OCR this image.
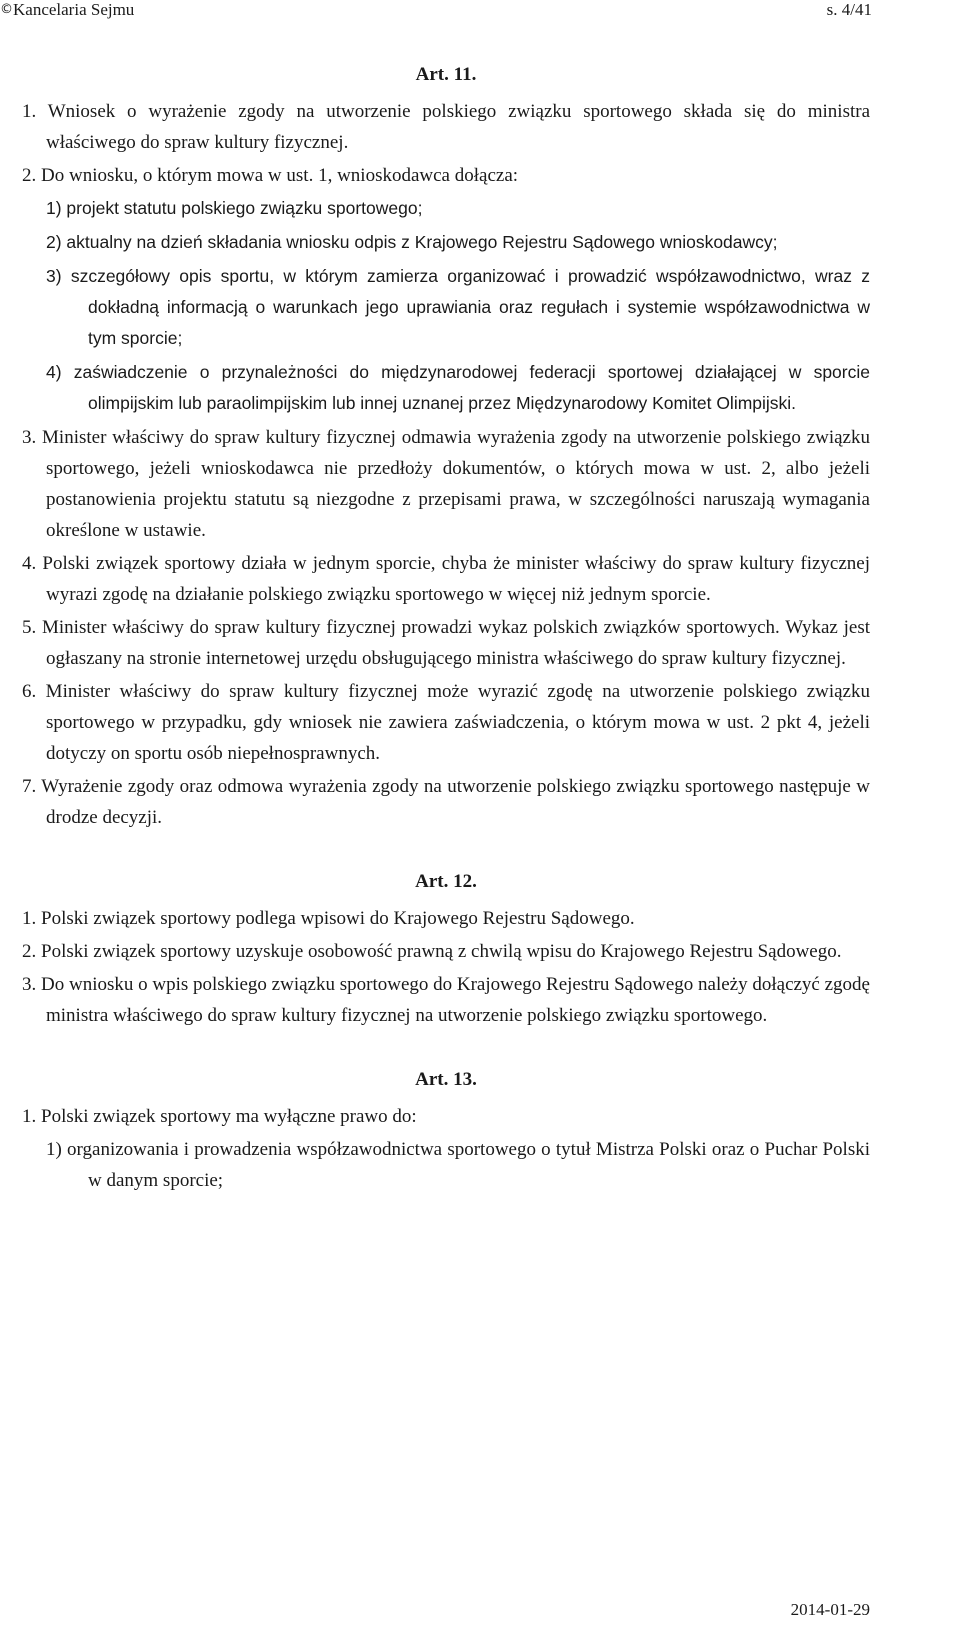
©Kancelaria Sejmu	s. 4/41
Art. 11.

1. Wniosek o wyrażenie zgody na utworzenie polskiego związku sportowego składa się do ministra właściwego do spraw kultury fizycznej.

2. Do wniosku, o którym mowa w ust. 1, wnioskodawca dołącza:

1) projekt statutu polskiego związku sportowego;

2) aktualny na dzień składania wniosku odpis z Krajowego Rejestru Sądowego wnioskodawcy;

3) szczegółowy opis sportu, w którym zamierza organizować i prowadzić współzawodnictwo, wraz z dokładną informacją o warunkach jego uprawiania oraz regułach i systemie współzawodnictwa w tym sporcie;

4) zaświadczenie o przynależności do międzynarodowej federacji sportowej działającej w sporcie olimpijskim lub paraolimpijskim lub innej uznanej przez Międzynarodowy Komitet Olimpijski.

3. Minister właściwy do spraw kultury fizycznej odmawia wyrażenia zgody na utworzenie polskiego związku sportowego, jeżeli wnioskodawca nie przedłoży dokumentów, o których mowa w ust. 2, albo jeżeli postanowienia projektu statutu są niezgodne z przepisami prawa, w szczególności naruszają wymagania określone w ustawie.

4. Polski związek sportowy działa w jednym sporcie, chyba że minister właściwy do spraw kultury fizycznej wyrazi zgodę na działanie polskiego związku sportowego w więcej niż jednym sporcie.

5. Minister właściwy do spraw kultury fizycznej prowadzi wykaz polskich związków sportowych. Wykaz jest ogłaszany na stronie internetowej urzędu obsługującego ministra właściwego do spraw kultury fizycznej.

6. Minister właściwy do spraw kultury fizycznej może wyrazić zgodę na utworzenie polskiego związku sportowego w przypadku, gdy wniosek nie zawiera zaświadczenia, o którym mowa w ust. 2 pkt 4, jeżeli dotyczy on sportu osób niepełnosprawnych.

7. Wyrażenie zgody oraz odmowa wyrażenia zgody na utworzenie polskiego związku sportowego następuje w drodze decyzji.

Art. 12.

1. Polski związek sportowy podlega wpisowi do Krajowego Rejestru Sądowego.

2. Polski związek sportowy uzyskuje osobowość prawną z chwilą wpisu do Krajowego Rejestru Sądowego.

3. Do wniosku o wpis polskiego związku sportowego do Krajowego Rejestru Sądowego należy dołączyć zgodę ministra właściwego do spraw kultury fizycznej na utworzenie polskiego związku sportowego.

Art. 13.

1. Polski związek sportowy ma wyłączne prawo do:

1) organizowania i prowadzenia współzawodnictwa sportowego o tytuł Mistrza Polski oraz o Puchar Polski w danym sporcie;

2014-01-29
